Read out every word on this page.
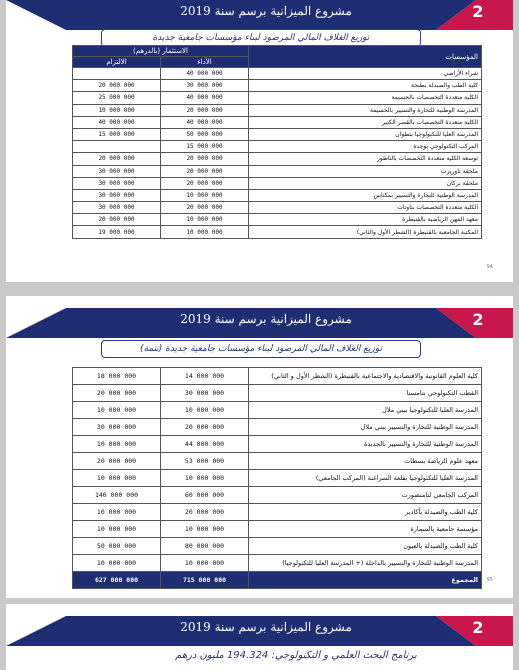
مشروع الميزانية برسم سنة 2019	2
توزيع الغلاف المالي المرصود لبناء مؤسسات جامعية جديدة
الاستثمار (بالدرهم)		المؤسسات
الالتزام	الأداء	
	40 000 000	شراء الأراضي
20 000 000	30 000 000	كلية الطب والصيدلة بطنجة
25 000 000	40 000 000	الكلية متعددة التخصصات بالحسيمة
10 000 000	20 000 000	المدرسة الوطنية للتجارة والتسيير بالحسيمة
40 000 000	40 000 000	الكلية متعددة التخصصات بالقصر الكبير
15 000 000	50 000 000	المدرسة العليا للتكنولوجيا بتطوان
	15 000 000	المركب التكنولوجي بوجدة
20 000 000	20 000 000	توسعة الكلية متعددة التخصصات بالناظور
30 000 000	20 000 000	ملحقة تاوريرت
30 000 000	20 000 000	ملحقة بركان
30 000 000	10 000 000	المدرسة الوطنية للتجارة والتسيير بمكناس
30 000 000	20 000 000	الكلية متعددة التخصصات بتاونات
20 000 000	10 000 000	معهد المهن الرياضية بالقنيطرة
19 000 000	10 000 000	المكتبة الجامعية بالقنيطرة (الشطر الأول والثاني)
94
مشروع الميزانية برسم سنة 2019	2
توزيع الغلاف المالي المرصود لبناء مؤسسات جامعية جديدة (تتمة)
18 000 000	14 000 000	كلية العلوم القانونية والاقتصادية والاجتماعية بالقنيطرة (الشطر الأول و الثاني)
20 000 000	30 000 000	القطب التكنولوجي بتامسنا
10 000 000	10 000 000	المدرسة العليا للتكنولوجيا ببني ملال
30 000 000	20 000 000	المدرسة الوطنية للتجارة والتسيير ببني ملال
10 000 000	44 000 000	المدرسة الوطنية للتجارة والتسيير بالجديدة
20 000 000	53 000 000	معهد علوم الرياضة بسطات
10 000 000	10 000 000	المدرسة العليا للتكنولوجيا بقلعة السراغنة (المركب الجامعي)
140 000 000	60 000 000	المركب الجامعي لتامنصورت
10 000 000	20 000 000	كلية الطب والصيدلة بأكادير
10 000 000	10 000 000	مؤسسة جامعية بالسمارة
50 000 000	80 000 000	كلية الطب والصيدلة بالعيون
10 000 000	10 000 000	المدرسة الوطنية للتجارة والتسيير بالداخلة (+ المدرسة العليا للتكنولوجيا)
627 000 000	715 000 000	المجموع 95
مشروع الميزانية برسم سنة 2019	2
برنامج البحث العلمي و التكنولوجي: 194.324 مليون درهم
